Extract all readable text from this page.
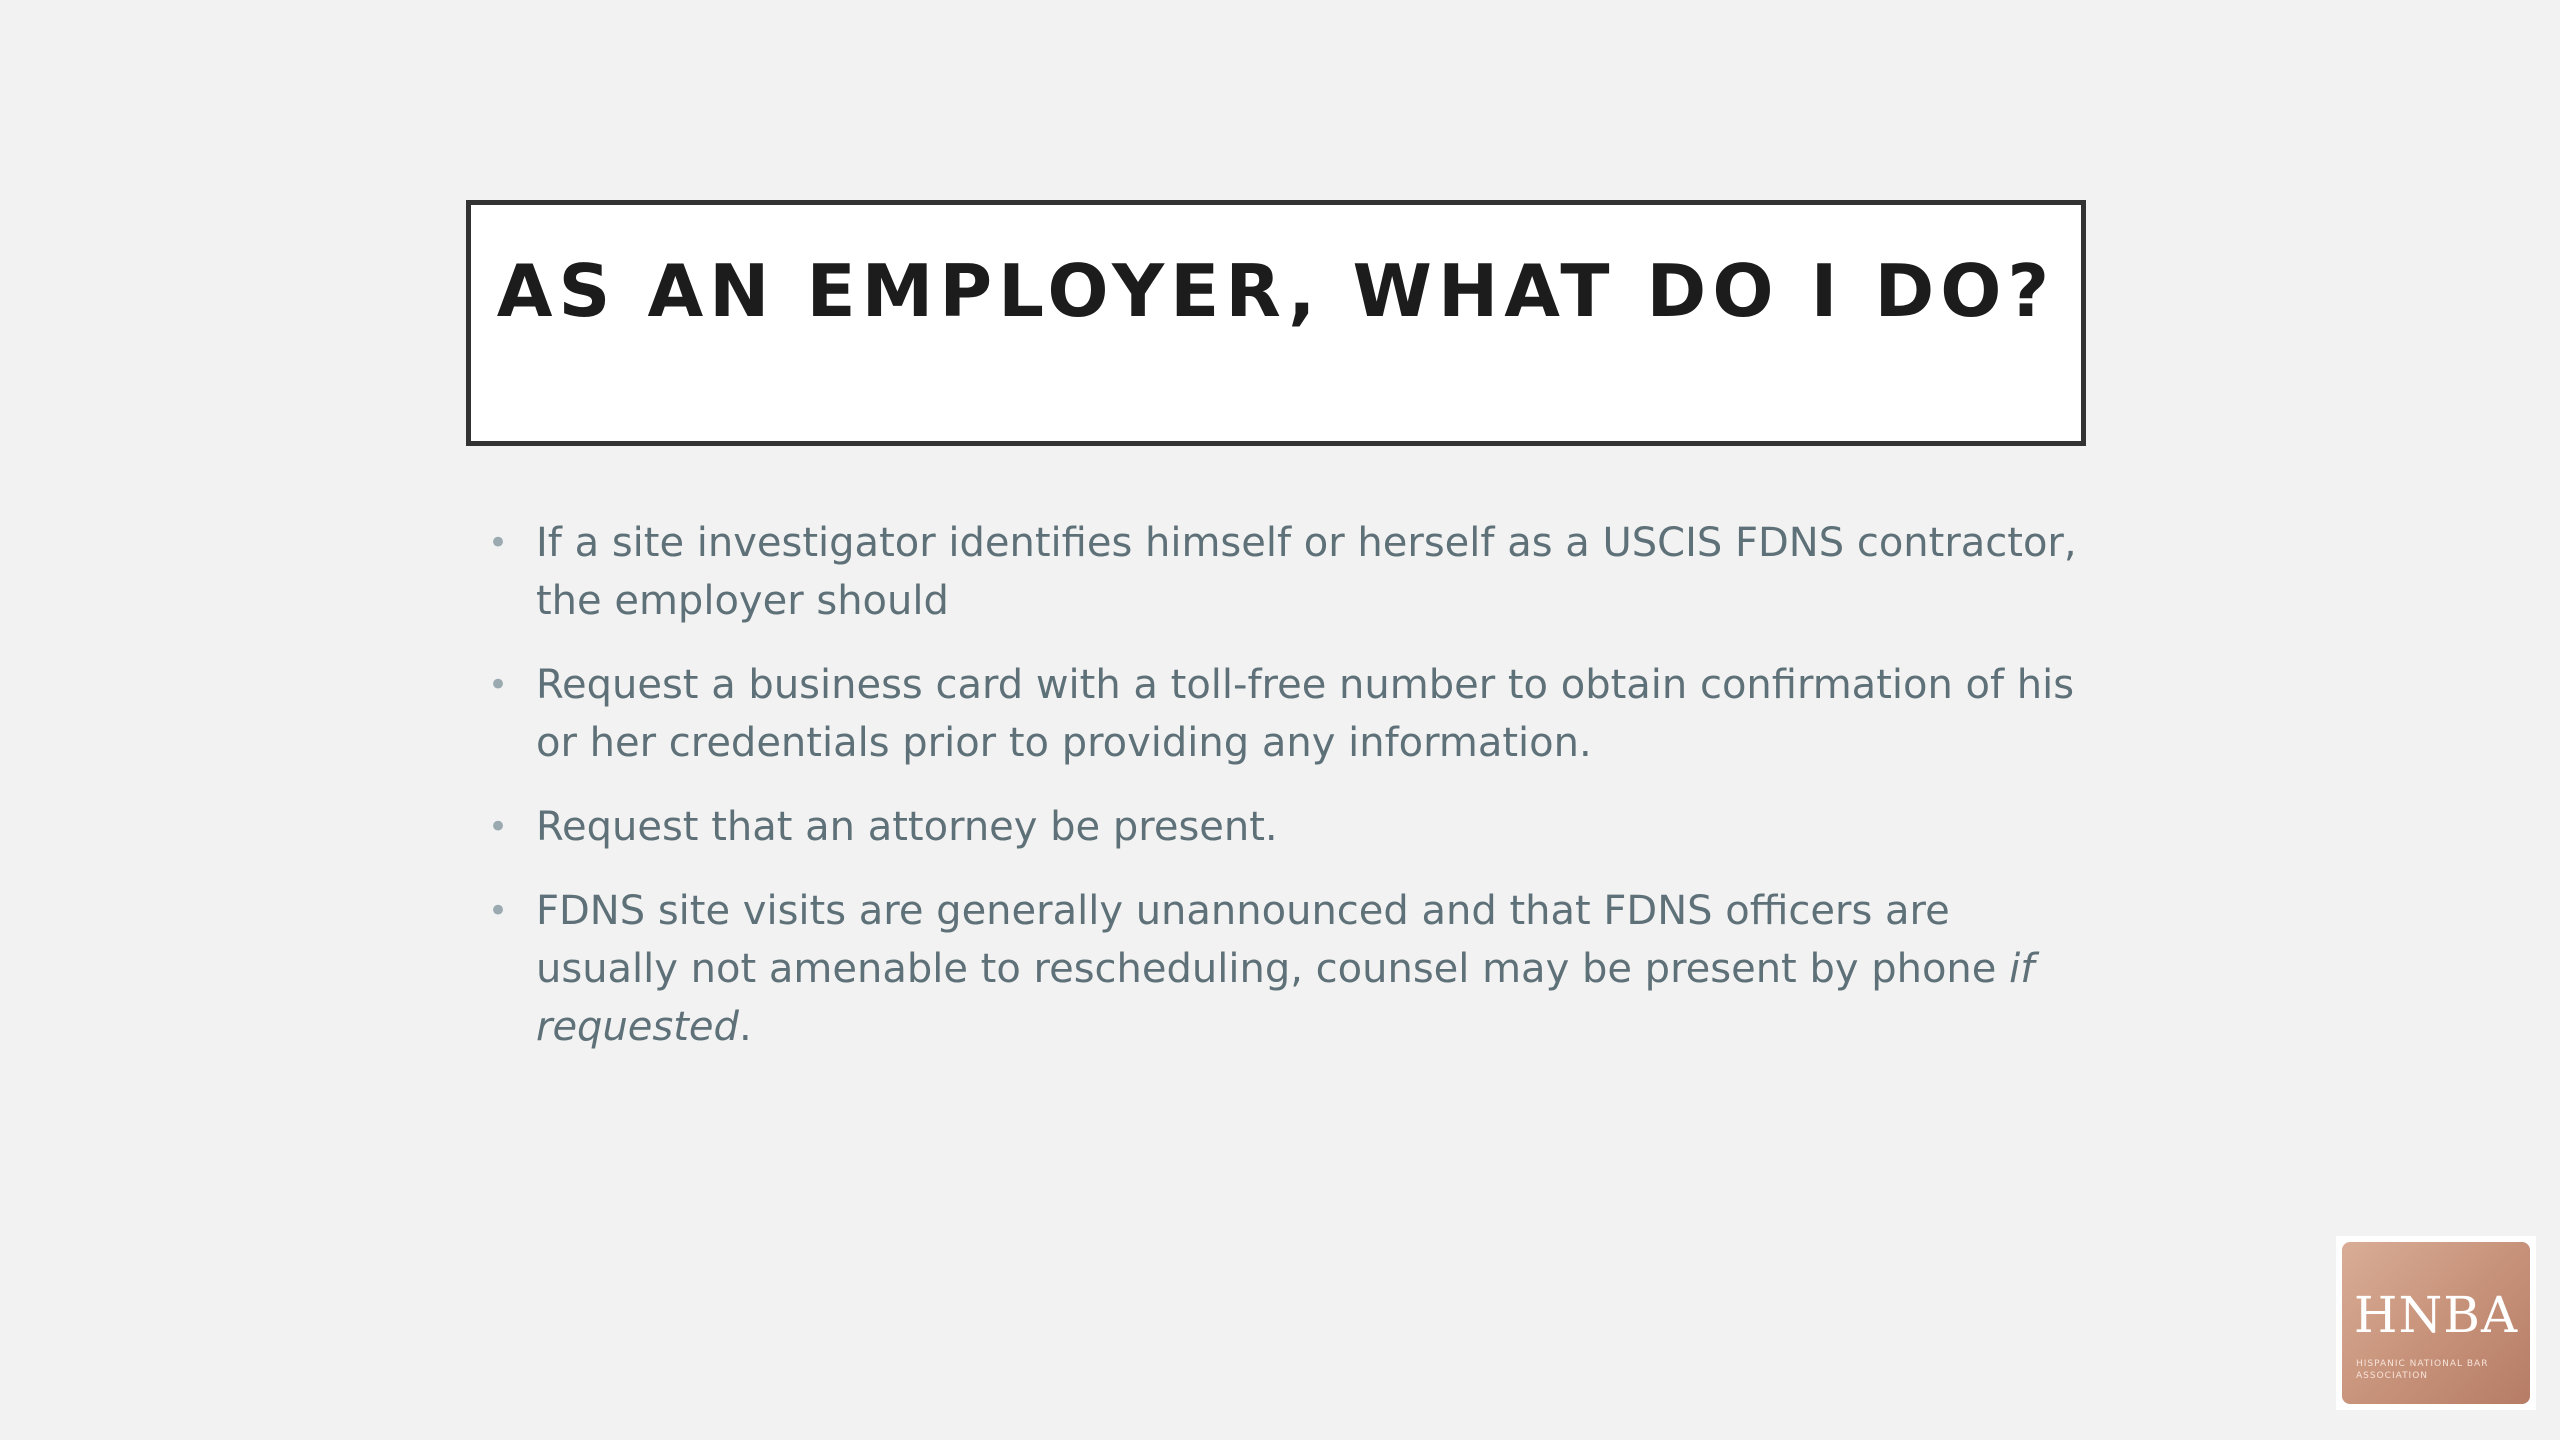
AS AN EMPLOYER, WHAT DO I DO?
• If a site investigator identifies himself or herself as a USCIS FDNS contractor, the employer should
• Request a business card with a toll-free number to obtain confirmation of his or her credentials prior to providing any information.
• Request that an attorney be present.
• FDNS site visits are generally unannounced and that FDNS officers are usually not amenable to rescheduling, counsel may be present by phone if requested.
HNBA
HISPANIC NATIONAL BAR ASSOCIATION
